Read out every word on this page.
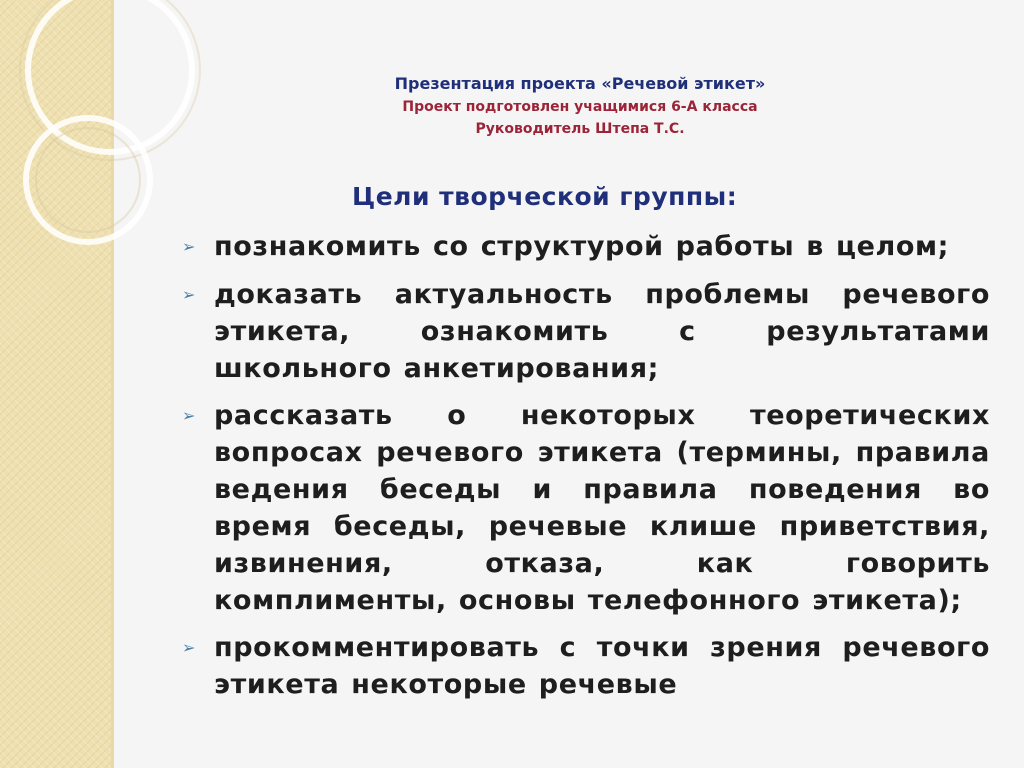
Презентация проекта «Речевой этикет»
Проект подготовлен учащимися 6-А класса
Руководитель Штепа Т.С.
Цели творческой группы:
➢ познакомить со структурой работы в целом;
➢ доказать актуальность проблемы речевого этикета, ознакомить с результатами школьного анкетирования;
➢ рассказать о некоторых теоретических вопросах речевого этикета (термины, правила ведения беседы и правила поведения во время беседы, речевые клише приветствия, извинения, отказа, как говорить комплименты, основы телефонного этикета);
➢ прокомментировать с точки зрения речевого этикета некоторые речевые
